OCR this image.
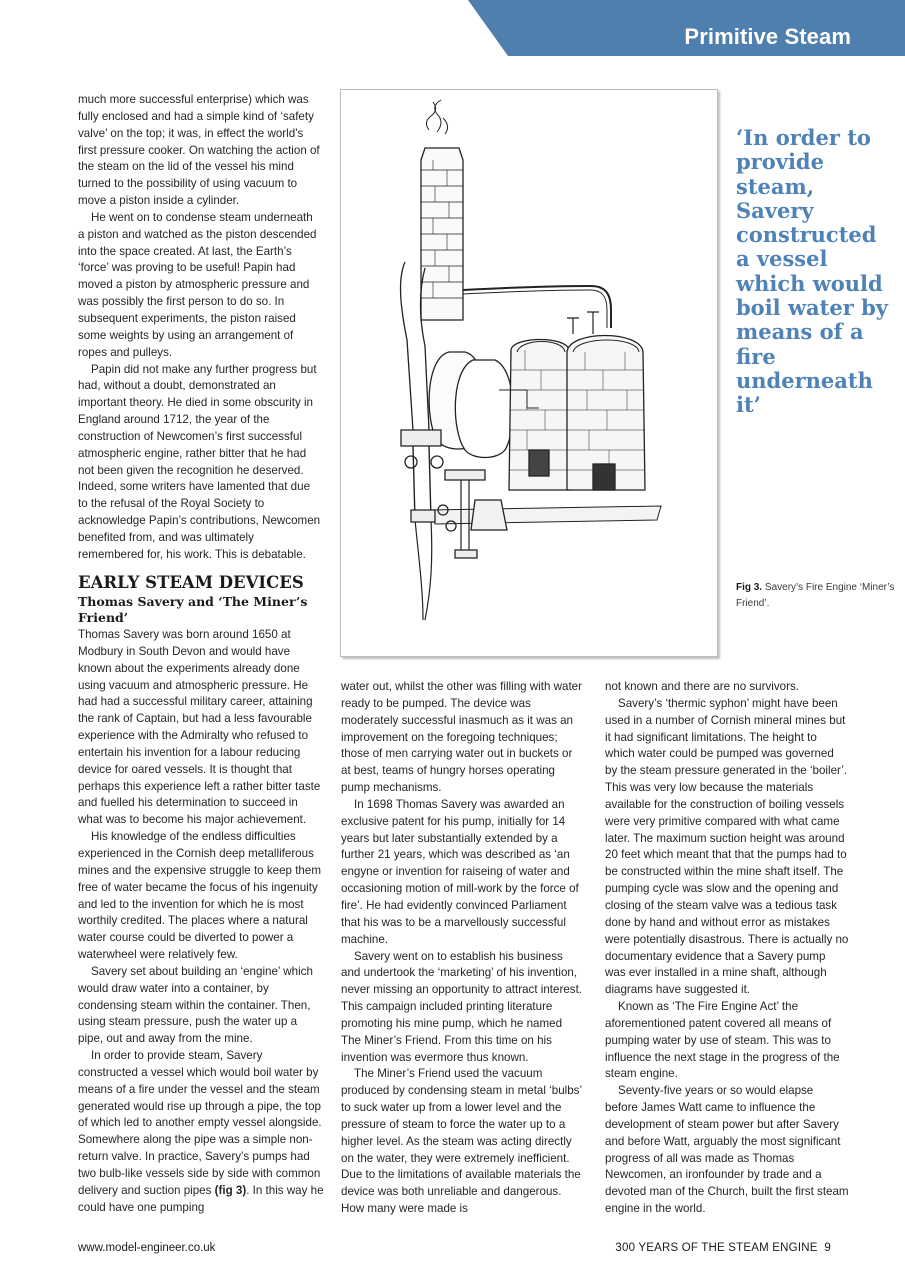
Primitive Steam

much more successful enterprise) which was fully enclosed and had a simple kind of ‘safety valve’ on the top; it was, in effect the world’s first pressure cooker. On watching the action of the steam on the lid of the vessel his mind turned to the possibility of using vacuum to move a piston inside a cylinder.

He went on to condense steam underneath a piston and watched as the piston descended into the space created. At last, the Earth’s ‘force’ was proving to be useful! Papin had moved a piston by atmospheric pressure and was possibly the first person to do so. In subsequent experiments, the piston raised some weights by using an arrangement of ropes and pulleys.

Papin did not make any further progress but had, without a doubt, demonstrated an important theory. He died in some obscurity in England around 1712, the year of the construction of Newcomen’s first successful atmospheric engine, rather bitter that he had not been given the recognition he deserved. Indeed, some writers have lamented that due to the refusal of the Royal Society to acknowledge Papin’s contributions, Newcomen benefited from, and was ultimately remembered for, his work. This is debatable.

EARLY STEAM DEVICES
Thomas Savery and ‘The Miner’s Friend’

Thomas Savery was born around 1650 at Modbury in South Devon and would have known about the experiments already done using vacuum and atmospheric pressure. He had had a successful military career, attaining the rank of Captain, but had a less favourable experience with the Admiralty who refused to entertain his invention for a labour reducing device for oared vessels. It is thought that perhaps this experience left a rather bitter taste and fuelled his determination to succeed in what was to become his major achievement.

His knowledge of the endless difficulties experienced in the Cornish deep metalliferous mines and the expensive struggle to keep them free of water became the focus of his ingenuity and led to the invention for which he is most worthily credited. The places where a natural water course could be diverted to power a waterwheel were relatively few.

Savery set about building an ‘engine’ which would draw water into a container, by condensing steam within the container. Then, using steam pressure, push the water up a pipe, out and away from the mine.

In order to provide steam, Savery constructed a vessel which would boil water by means of a fire under the vessel and the steam generated would rise up through a pipe, the top of which led to another empty vessel alongside. Somewhere along the pipe was a simple non-return valve. In practice, Savery’s pumps had two bulb-like vessels side by side with common delivery and suction pipes (fig 3). In this way he could have one pumping

‘In order to provide steam, Savery constructed a vessel which would boil water by means of a fire underneath it’
Fig 3. Savery’s Fire Engine ‘Miner’s Friend’.

water out, whilst the other was filling with water ready to be pumped. The device was moderately successful inasmuch as it was an improvement on the foregoing techniques; those of men carrying water out in buckets or at best, teams of hungry horses operating pump mechanisms.

In 1698 Thomas Savery was awarded an exclusive patent for his pump, initially for 14 years but later substantially extended by a further 21 years, which was described as ‘an engyne or invention for raiseing of water and occasioning motion of mill-work by the force of fire’. He had evidently convinced Parliament that his was to be a marvellously successful machine.

Savery went on to establish his business and undertook the ‘marketing’ of his invention, never missing an opportunity to attract interest. This campaign included printing literature promoting his mine pump, which he named The Miner’s Friend. From this time on his invention was evermore thus known.

The Miner’s Friend used the vacuum produced by condensing steam in metal ‘bulbs’ to suck water up from a lower level and the pressure of steam to force the water up to a higher level. As the steam was acting directly on the water, they were extremely inefficient. Due to the limitations of available materials the device was both unreliable and dangerous. How many were made is

not known and there are no survivors.

Savery’s ‘thermic syphon’ might have been used in a number of Cornish mineral mines but it had significant limitations. The height to which water could be pumped was governed by the steam pressure generated in the ‘boiler’. This was very low because the materials available for the construction of boiling vessels were very primitive compared with what came later. The maximum suction height was around 20 feet which meant that that the pumps had to be constructed within the mine shaft itself. The pumping cycle was slow and the opening and closing of the steam valve was a tedious task done by hand and without error as mistakes were potentially disastrous. There is actually no documentary evidence that a Savery pump was ever installed in a mine shaft, although diagrams have suggested it.

Known as ‘The Fire Engine Act’ the aforementioned patent covered all means of pumping water by use of steam. This was to influence the next stage in the progress of the steam engine.

Seventy-five years or so would elapse before James Watt came to influence the development of steam power but after Savery and before Watt, arguably the most significant progress of all was made as Thomas Newcomen, an ironfounder by trade and a devoted man of the Church, built the first steam engine in the world.

www.model-engineer.co.uk	300 YEARS OF THE STEAM ENGINE 9
